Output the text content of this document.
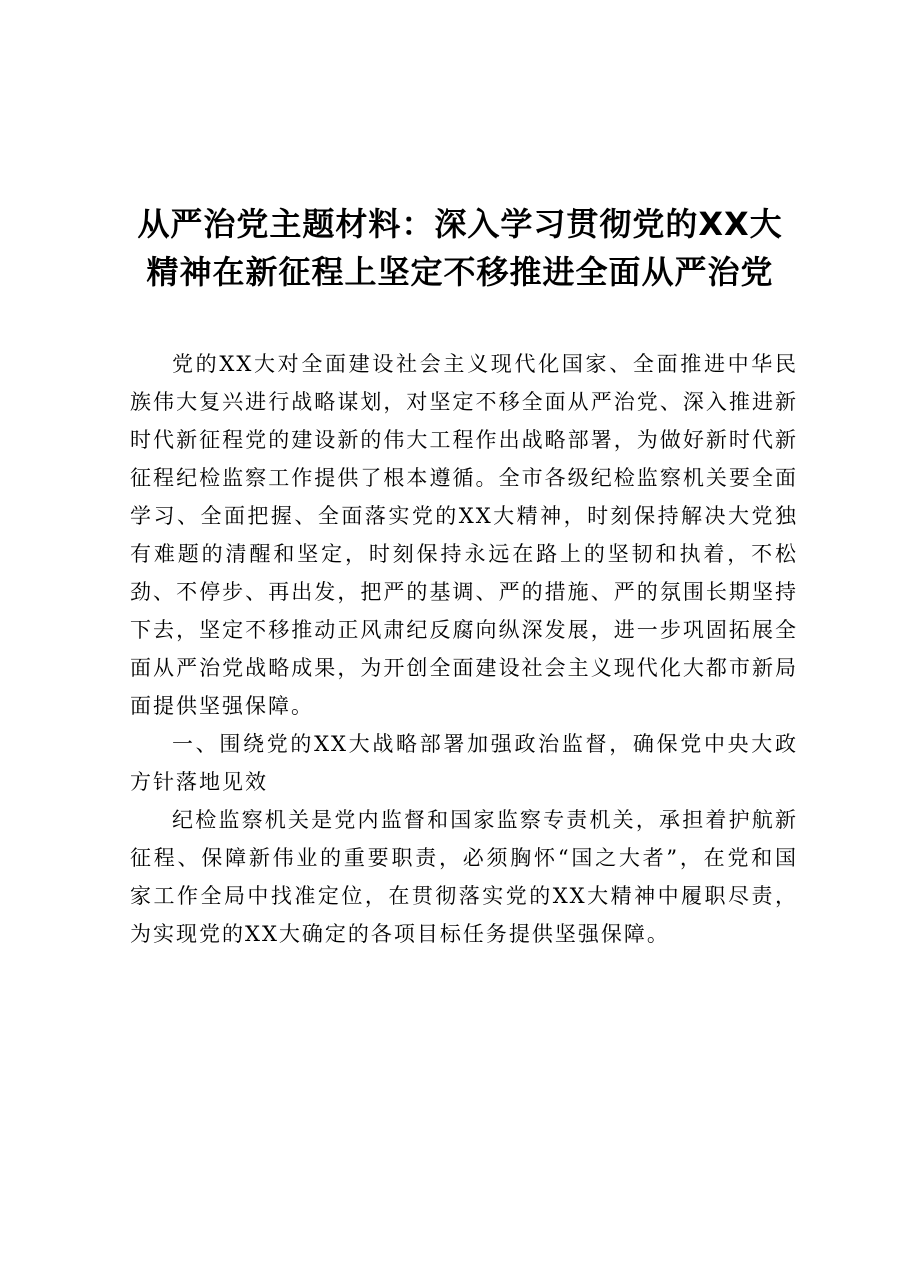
从严治党主题材料：深入学习贯彻党的XX大
精神在新征程上坚定不移推进全面从严治党

党的XX大对全面建设社会主义现代化国家、全面推进中华民族伟大复兴进行战略谋划，对坚定不移全面从严治党、深入推进新时代新征程党的建设新的伟大工程作出战略部署，为做好新时代新征程纪检监察工作提供了根本遵循。全市各级纪检监察机关要全面学习、全面把握、全面落实党的XX大精神，时刻保持解决大党独有难题的清醒和坚定，时刻保持永远在路上的坚韧和执着，不松劲、不停步、再出发，把严的基调、严的措施、严的氛围长期坚持下去，坚定不移推动正风肃纪反腐向纵深发展，进一步巩固拓展全面从严治党战略成果，为开创全面建设社会主义现代化大都市新局面提供坚强保障。

一、围绕党的XX大战略部署加强政治监督，确保党中央大政方针落地见效

纪检监察机关是党内监督和国家监察专责机关，承担着护航新征程、保障新伟业的重要职责，必须胸怀“国之大者”，在党和国家工作全局中找准定位，在贯彻落实党的XX大精神中履职尽责，为实现党的XX大确定的各项目标任务提供坚强保障。
